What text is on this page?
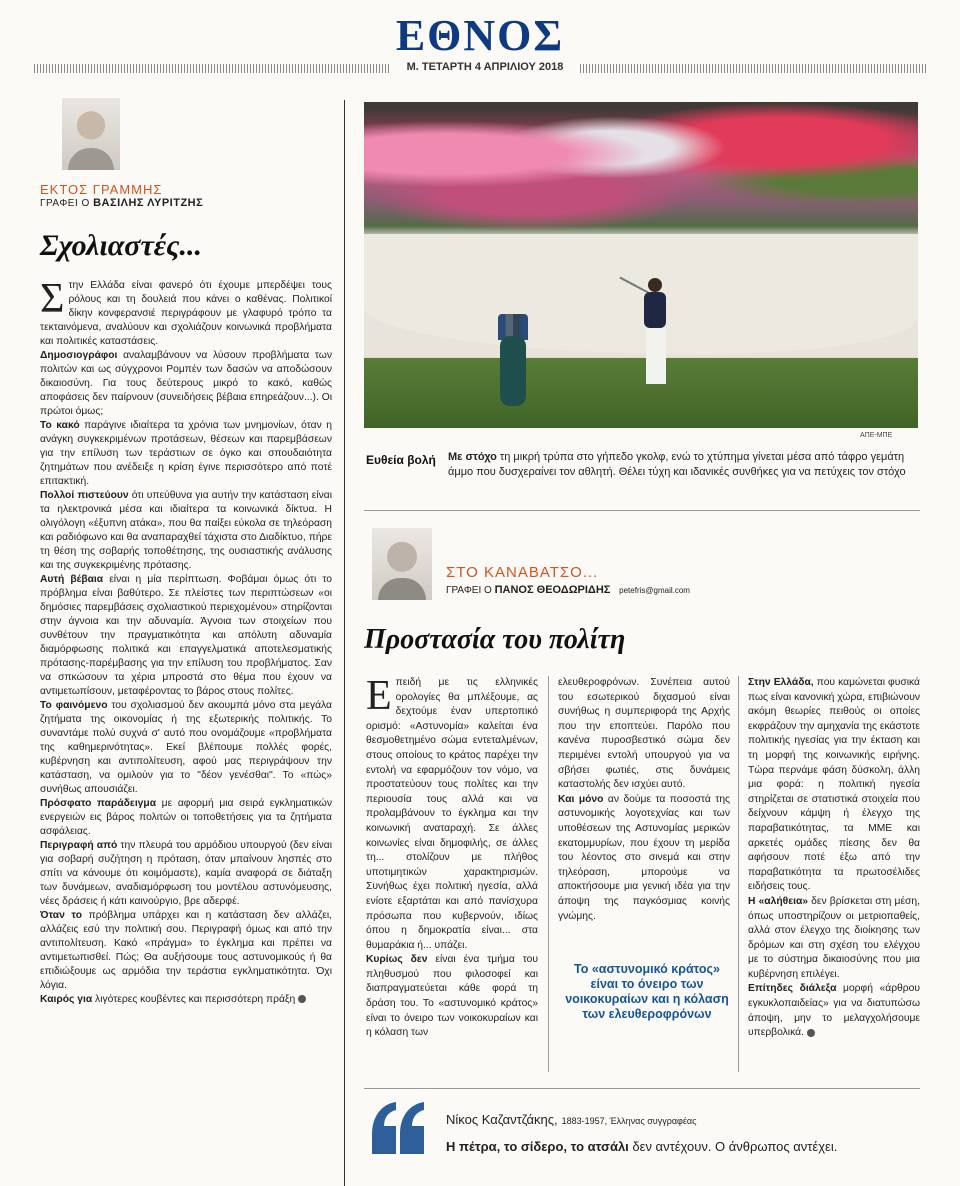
ΕΘΝΟΣ
Μ. ΤΕΤΑΡΤΗ 4 ΑΠΡΙΛΙΟΥ 2018
ΕΚΤΟΣ ΓΡΑΜΜΗΣ
ΓΡΑΦΕΙ Ο ΒΑΣΙΛΗΣ ΛΥΡΙΤΖΗΣ
Σχολιαστές...

Στην Ελλάδα είναι φανερό ότι έχουμε μπερδέψει τους ρόλους και τη δουλειά που κάνει ο καθένας. Πολιτικοί δίκην κονφερανσιέ περιγράφουν με γλαφυρό τρόπο τα τεκταινόμενα, αναλύουν και σχολιάζουν κοινωνικά προβλήματα και πολιτικές καταστάσεις.

Δημοσιογράφοι αναλαμβάνουν να λύσουν προβλήματα των πολιτών και ως σύγχρονοι Ρομπέν των δασών να αποδώσουν δικαιοσύνη. Για τους δεύτερους μικρό το κακό, καθώς αποφάσεις δεν παίρνουν (συνειδήσεις βέβαια επηρεάζουν...). Οι πρώτοι όμως;

Το κακό παράγινε ιδιαίτερα τα χρόνια των μνημονίων, όταν η ανάγκη συγκεκριμένων προτάσεων, θέσεων και παρεμβάσεων για την επίλυση των τεράστιων σε όγκο και σπουδαιότητα ζητημάτων που ανέδειξε η κρίση έγινε περισσότερο από ποτέ επιτακτική.

Πολλοί πιστεύουν ότι υπεύθυνα για αυτήν την κατάσταση είναι τα ηλεκτρονικά μέσα και ιδιαίτερα τα κοινωνικά δίκτυα. Η ολιγόλογη «έξυπνη ατάκα», που θα παίξει εύκολα σε τηλεόραση και ραδιόφωνο και θα αναπαραχθεί τάχιστα στο Διαδίκτυο, πήρε τη θέση της σοβαρής τοποθέτησης, της ουσιαστικής ανάλυσης και της συγκεκριμένης πρότασης.

Αυτή βέβαια είναι η μία περίπτωση. Φοβάμαι όμως ότι το πρόβλημα είναι βαθύτερο. Σε πλείστες των περιπτώσεων «οι δημόσιες παρεμβάσεις σχολιαστικού περιεχομένου» στηρίζονται στην άγνοια και την αδυναμία. Άγνοια των στοιχείων που συνθέτουν την πραγματικότητα και απόλυτη αδυναμία διαμόρφωσης πολιτικά και επαγγελματικά αποτελεσματικής πρότασης-παρέμβασης για την επίλυση του προβλήματος. Σαν να σπκώσουν τα χέρια μπροστά στο θέμα που έχουν να αντιμετωπίσουν, μεταφέροντας το βάρος στους πολίτες.

Το φαινόμενο του σχολιασμού δεν ακουμπά μόνο στα μεγάλα ζητήματα της οικονομίας ή της εξωτερικής πολιτικής. Το συναντάμε πολύ συχνά σ' αυτό που ονομάζουμε «προβλήματα της καθημερινότητας». Εκεί βλέπουμε πολλές φορές, κυβέρνηση και αντιπολίτευση, αφού μας περιγράψουν την κατάσταση, να ομιλούν για το "δέον γενέσθαι". Το «πώς» συνήθως απουσιάζει.

Πρόσφατο παράδειγμα με αφορμή μια σειρά εγκληματικών ενεργειών εις βάρος πολιτών οι τοποθετήσεις για τα ζητήματα ασφάλειας.

Περιγραφή από την πλευρά του αρμόδιου υπουργού (δεν είναι για σοβαρή συζήτηση η πρόταση, όταν μπαίνουν λησπές στο σπίτι να κάνουμε ότι κοιμόμαστε), καμία αναφορά σε διάταξη των δυνάμεων, αναδιαμόρφωση του μοντέλου αστυνόμευσης, νέες δράσεις ή κάτι καινούργιο, βρε αδερφέ.

Όταν το πρόβλημα υπάρχει και η κατάσταση δεν αλλάζει, αλλάζεις εσύ την πολιτική σου. Περιγραφή όμως και από την αντιπολίτευση. Κακό «πράγμα» το έγκλημα και πρέπει να αντιμετωπισθεί. Πώς; Θα αυξήσουμε τους αστυνομικούς ή θα επιδιώξουμε ως αρμόδια την τεράστια εγκληματικότητα. Όχι λόγια.

Καιρός για λιγότερες κουβέντες και περισσότερη πράξη

ΑΠΕ-ΜΠΕ
Ευθεία βολή	Με στόχο τη μικρή τρύπα στο γήπεδο γκολφ, ενώ το χτύπημα γίνεται μέσα από τάφρο γεμάτη άμμο που δυσχεραίνει τον αθλητή. Θέλει τύχη και ιδανικές συνθήκες για να πετύχεις τον στόχο
ΣΤΟ ΚΑΝΑΒΑΤΣΟ...
ΓΡΑΦΕΙ Ο ΠΑΝΟΣ ΘΕΟΔΩΡΙΔΗΣ petefris@gmail.com
Προστασία του πολίτη

Επειδή με τις ελληνικές ορολογίες θα μπλέξουμε, ας δεχτούμε έναν υπερτοπικό ορισμό: «Αστυνομία» καλείται ένα θεσμοθετημένο σώμα εντεταλμένων, στους οποίους το κράτος παρέχει την εντολή να εφαρμόζουν τον νόμο, να προστατεύουν τους πολίτες και την περιουσία τους αλλά και να προλαμβάνουν το έγκλημα και την κοινωνική αναταραχή. Σε άλλες κοινωνίες είναι δημοφιλής, σε άλλες τη... στολίζουν με πλήθος υποτιμητικών χαρακτηρισμών. Συνήθως έχει πολιτική ηγεσία, αλλά ενίοτε εξαρτάται και από πανίσχυρα πρόσωπα που κυβερνούν, ιδίως όπου η δημοκρατία είναι... στα θυμαράκια ή... υπάζει.

Κυρίως δεν είναι ένα τμήμα του πληθυσμού που φιλοσοφεί και διαπραγματεύεται κάθε φορά τη δράση του. Το «αστυνομικό κράτος» είναι το όνειρο των νοικοκυραίων και η κόλαση των

ελευθεροφρόνων. Συνέπεια αυτού του εσωτερικού διχασμού είναι συνήθως η συμπεριφορά της Αρχής που την εποπτεύει. Παρόλο που κανένα πυροσβεστικό σώμα δεν περιμένει εντολή υπουργού για να σβήσει φωτιές, στις δυνάμεις καταστολής δεν ισχύει αυτό.

Και μόνο αν δούμε τα ποσοστά της αστυνομικής λογοτεχνίας και των υποθέσεων της Αστυνομίας μερικών εκατομμυρίων, που έχουν τη μερίδα του λέοντος στο σινεμά και στην τηλεόραση, μπορούμε να αποκτήσουμε μια γενική ιδέα για την άποψη της παγκόσμιας κοινής γνώμης.

Το «αστυνομικό κράτος» είναι το όνειρο των νοικοκυραίων και η κόλαση των ελευθεροφρόνων

Στην Ελλάδα, που καμώνεται φυσικά πως είναι κανονική χώρα, επιβιώνουν ακόμη θεωρίες πειθούς οι οποίες εκφράζουν την αμηχανία της εκάστοτε πολιτικής ηγεσίας για την έκταση και τη μορφή της κοινωνικής ειρήνης. Τώρα περνάμε φάση δύσκολη, άλλη μια φορά: η πολιτική ηγεσία στηρίζεται σε στατιστικά στοιχεία που δείχνουν κάμψη ή έλεγχο της παραβατικότητας, τα ΜΜΕ και αρκετές ομάδες πίεσης δεν θα αφήσουν ποτέ έξω από την παραβατικότητα τα πρωτοσέλιδες ειδήσεις τους.

Η «αλήθεια» δεν βρίσκεται στη μέση, όπως υποστηρίζουν οι μετριοπαθείς, αλλά στον έλεγχο της διοίκησης των δρόμων και στη σχέση του ελέγχου με το σύστημα δικαιοσύνης που μια κυβέρνηση επιλέγει.

Επίτηδες διάλεξα μορφή «άρθρου εγκυκλοπαιδείας» για να διατυπώσω άποψη, μην το μελαγχολήσουμε υπερβολικά.

Νίκος Καζαντζάκης, 1883-1957, Έλληνας συγγραφέας
Η πέτρα, το σίδερο, το ατσάλι δεν αντέχουν. Ο άνθρωπος αντέχει.
